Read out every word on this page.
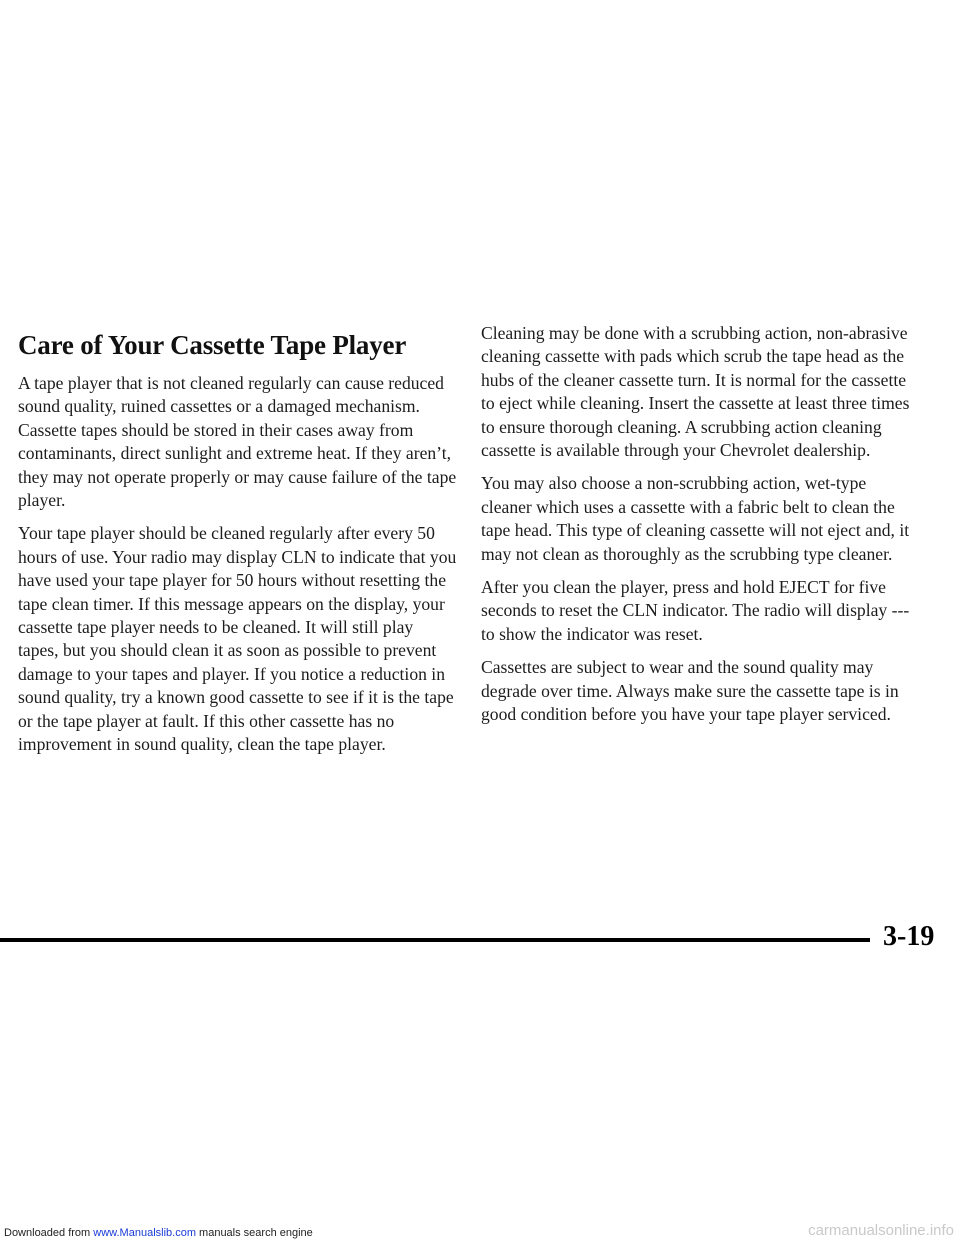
Care of Your Cassette Tape Player

A tape player that is not cleaned regularly can cause reduced sound quality, ruined cassettes or a damaged mechanism. Cassette tapes should be stored in their cases away from contaminants, direct sunlight and extreme heat. If they aren’t, they may not operate properly or may cause failure of the tape player.

Your tape player should be cleaned regularly after every 50 hours of use. Your radio may display CLN to indicate that you have used your tape player for 50 hours without resetting the tape clean timer. If this message appears on the display, your cassette tape player needs to be cleaned. It will still play tapes, but you should clean it as soon as possible to prevent damage to your tapes and player. If you notice a reduction in sound quality, try a known good cassette to see if it is the tape or the tape player at fault. If this other cassette has no improvement in sound quality, clean the tape player.

Cleaning may be done with a scrubbing action, non-abrasive cleaning cassette with pads which scrub the tape head as the hubs of the cleaner cassette turn. It is normal for the cassette to eject while cleaning. Insert the cassette at least three times to ensure thorough cleaning. A scrubbing action cleaning cassette is available through your Chevrolet dealership.

You may also choose a non-scrubbing action, wet-type cleaner which uses a cassette with a fabric belt to clean the tape head. This type of cleaning cassette will not eject and, it may not clean as thoroughly as the scrubbing type cleaner.

After you clean the player, press and hold EJECT for five seconds to reset the CLN indicator. The radio will display --- to show the indicator was reset.

Cassettes are subject to wear and the sound quality may degrade over time. Always make sure the cassette tape is in good condition before you have your tape player serviced.

3-19
Downloaded from www.Manualslib.com manuals search engine	carmanualsonline.info
